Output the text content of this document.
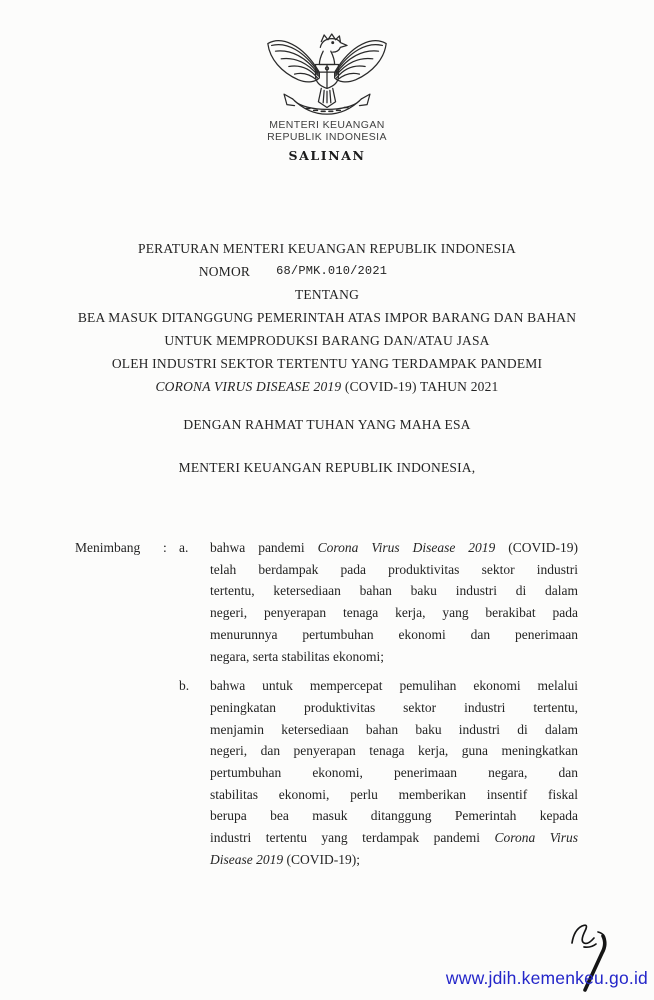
MENTERI KEUANGAN
REPUBLIK INDONESIA
SALINAN
PERATURAN MENTERI KEUANGAN REPUBLIK INDONESIA
NOMOR 68/PMK.010/2021
TENTANG
BEA MASUK DITANGGUNG PEMERINTAH ATAS IMPOR BARANG DAN BAHAN
UNTUK MEMPRODUKSI BARANG DAN/ATAU JASA
OLEH INDUSTRI SEKTOR TERTENTU YANG TERDAMPAK PANDEMI
CORONA VIRUS DISEASE 2019 (COVID-19) TAHUN 2021
DENGAN RAHMAT TUHAN YANG MAHA ESA
MENTERI KEUANGAN REPUBLIK INDONESIA,
Menimbang	: a.	bahwa pandemi Corona Virus Disease 2019 (COVID-19)
telah berdampak pada produktivitas sektor industri
tertentu, ketersediaan bahan baku industri di dalam
negeri, penyerapan tenaga kerja, yang berakibat pada
menurunnya pertumbuhan ekonomi dan penerimaan
negara, serta stabilitas ekonomi;
b.	bahwa untuk mempercepat pemulihan ekonomi melalui
peningkatan produktivitas sektor industri tertentu,
menjamin ketersediaan bahan baku industri di dalam
negeri, dan penyerapan tenaga kerja, guna meningkatkan
pertumbuhan ekonomi, penerimaan negara, dan
stabilitas ekonomi, perlu memberikan insentif fiskal
berupa bea masuk ditanggung Pemerintah kepada
industri tertentu yang terdampak pandemi Corona Virus
Disease 2019 (COVID-19);
www.jdih.kemenkeu.go.id
